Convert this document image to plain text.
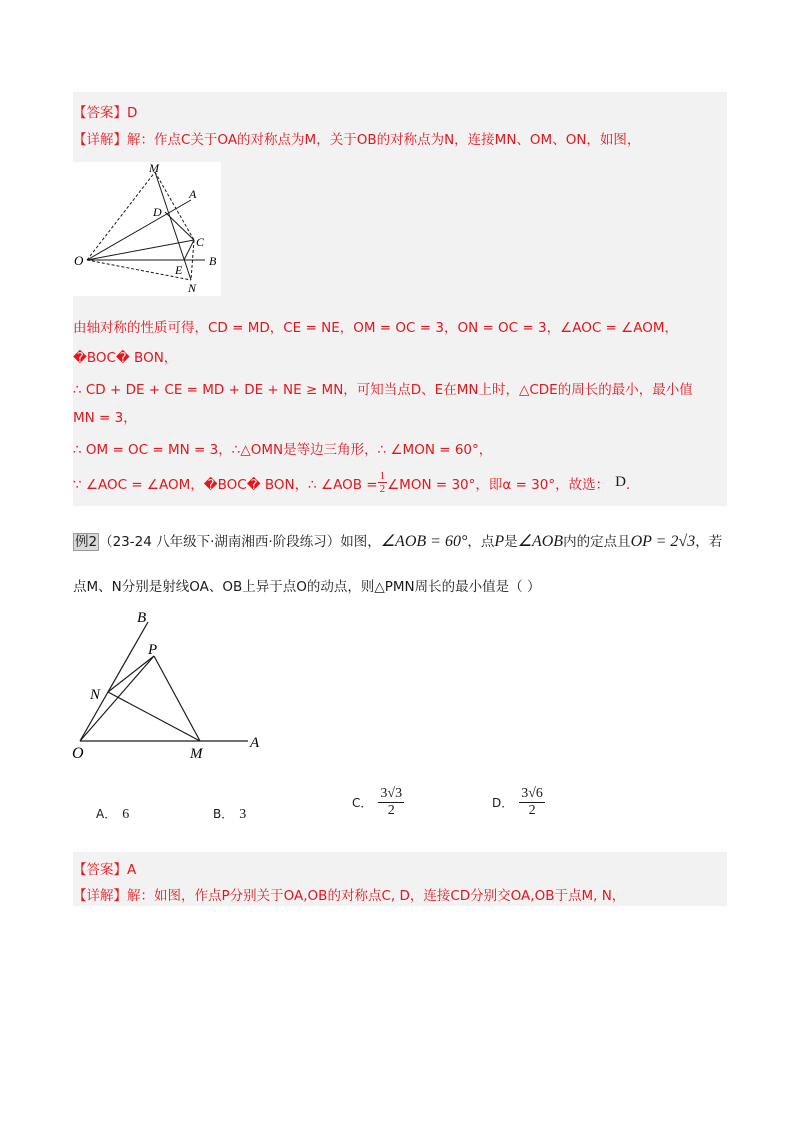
【答案】D
【详解】解：作点C关于OA的对称点为M，关于OB的对称点为N，连接MN、OM、ON，如图，
M
A
D
C
O
E
B
N
由轴对称的性质可得，CD = MD，CE = NE，OM = OC = 3，ON = OC = 3，∠AOC = ∠AOM，
�BOC� BON，
∴ CD + DE + CE = MD + DE + NE ≥ MN，可知当点D、E在MN上时，△CDE的周长的最小，最小值
MN = 3，
∴ OM = OC = MN = 3，∴△OMN是等边三角形，∴ ∠MON = 60°，
∵ ∠AOC = ∠AOM，�BOC� BON，∴ ∠AOB = $\frac{1}{2}$ ∠MON = 30°，即α = 30°，故选： D ．
例2 （23-24 八年级下·湖南湘西·阶段练习）如图，∠AOB = 60°，点P是∠AOB内的定点且OP = 2√3，若
点M、N分别是射线OA、OB上异于点O的动点，则△PMN周长的最小值是（ ）
B
P
N
O	M
A
A． 6	B． 3
C． $\frac{3√3}{2}$	D． $\frac{3√6}{2}$
【答案】A
【详解】解：如图，作点P分别关于OA,OB的对称点C, D，连接CD分别交OA,OB于点M, N，
